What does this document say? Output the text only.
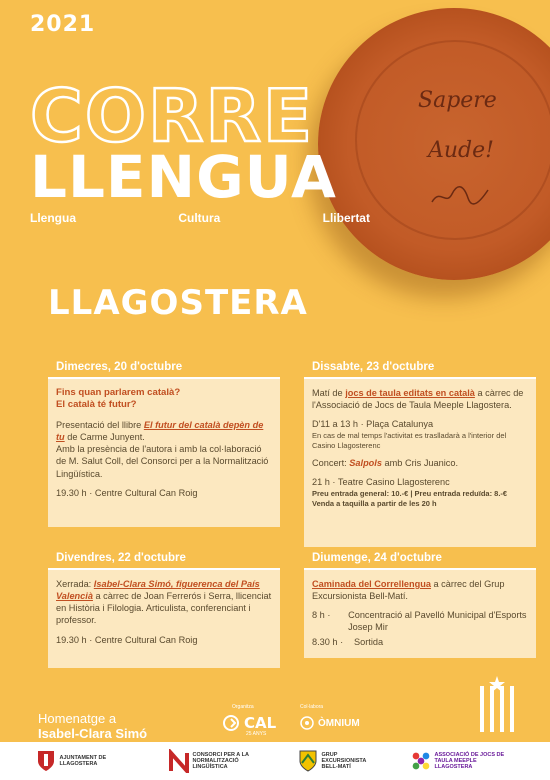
2021
Sapere
Aude!
CORRE
LLENGUA
Llengua	Cultura	Llibertat
LLAGOSTERA
Dimecres, 20 d'octubre

Fins quan parlarem català?
El català té futur?

Presentació del llibre El futur del català depèn de tu de Carme Junyent.
Amb la presència de l'autora i amb la col·laboració de M. Salut Coll, del Consorci per a la Normalització Lingüística.

19.30 h · Centre Cultural Can Roig

Dissabte, 23 d'octubre

Matí de jocs de taula editats en català a càrrec de l'Associació de Jocs de Taula Meeple Llagostera.

D'11 a 13 h · Plaça Catalunya

En cas de mal temps l'activitat es traslladarà a l'interior del Casino Llagosterenc

Concert: Salpols amb Cris Juanico.

21 h · Teatre Casino Llagosterenc

Preu entrada general: 10.-€ | Preu entrada reduïda: 8.-€

Venda a taquilla a partir de les 20 h

Divendres, 22 d'octubre

Xerrada: Isabel-Clara Simó, figuerenca del País Valencià a càrrec de Joan Ferrerós i Serra, llicenciat en Història i Filologia. Articulista, conferenciant i professor.

19.30 h · Centre Cultural Can Roig

Diumenge, 24 d'octubre

Caminada del Correllengua a càrrec del Grup Excursionista Bell-Matí.

8 h ·	Concentració al Pavelló Municipal d'Esports Josep Mir
8.30 h · Sortida
Homenatge a
Isabel-Clara Simó
Organitza
CAL
25 ANYS
Col·labora
ÒMNIUM
AJUNTAMENT DE LLAGOSTERA
CONSORCI PER A LA NORMALITZACIÓ LINGÜÍSTICA
GRUP EXCURSIONISTA BELL-MATÍ
ASSOCIACIÓ DE JOCS DE TAULA MEEPLE LLAGOSTERA
